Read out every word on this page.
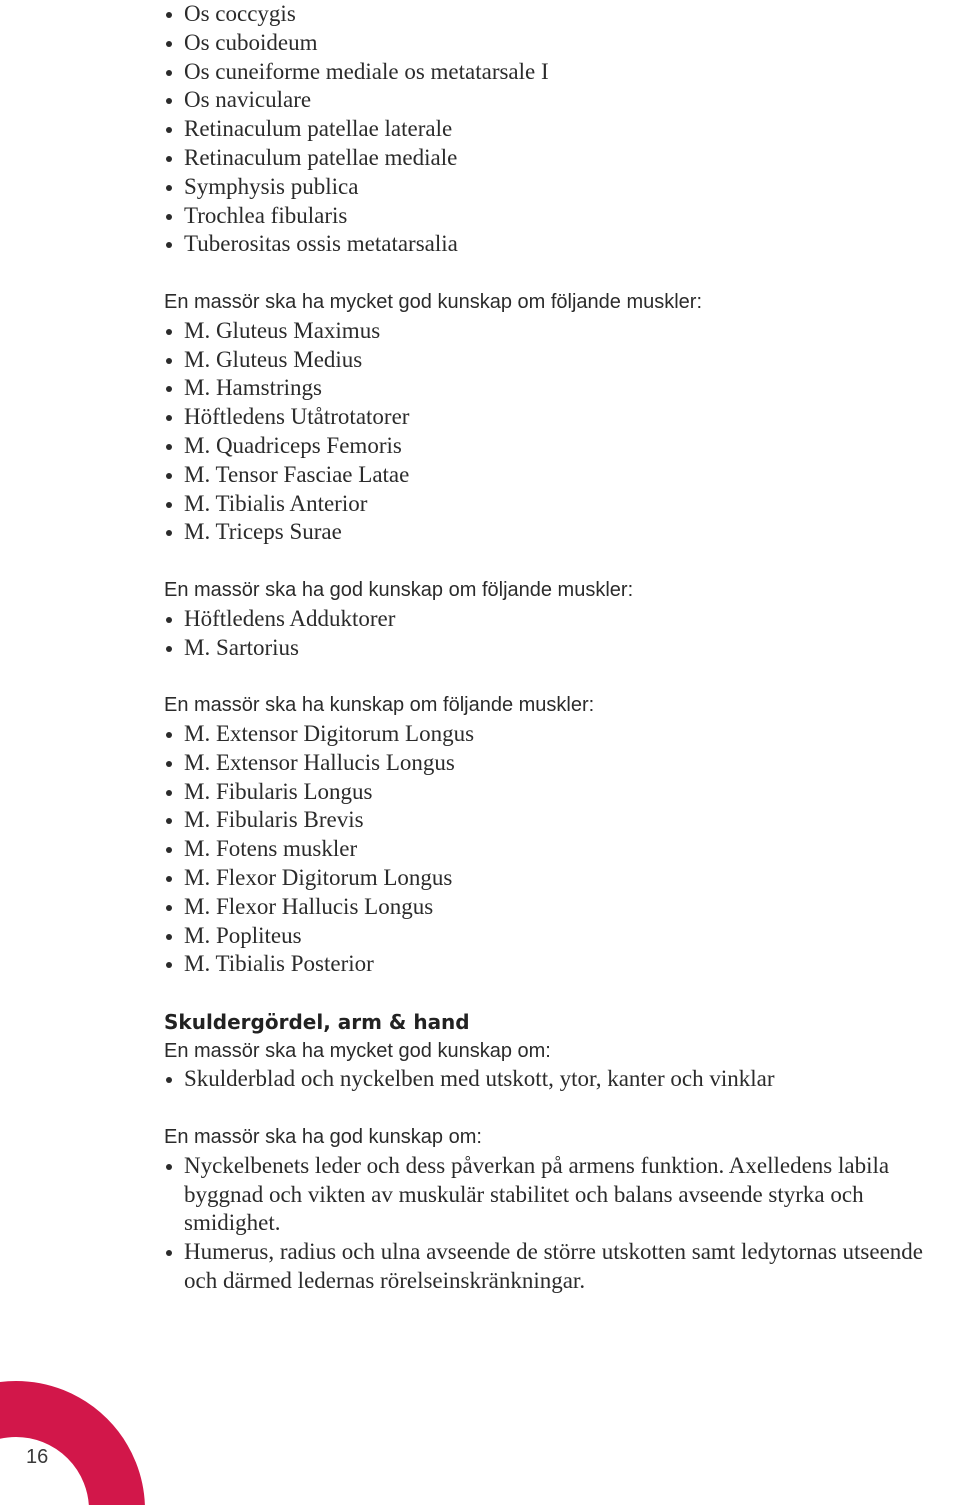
Os coccygis
Os cuboideum
Os cuneiforme mediale os metatarsale I
Os naviculare
Retinaculum patellae laterale
Retinaculum patellae mediale
Symphysis publica
Trochlea fibularis
Tuberositas ossis metatarsalia

En massör ska ha mycket god kunskap om följande muskler:

M. Gluteus Maximus
M. Gluteus Medius
M. Hamstrings
Höftledens Utåtrotatorer
M. Quadriceps Femoris
M. Tensor Fasciae Latae
M. Tibialis Anterior
M. Triceps Surae

En massör ska ha god kunskap om följande muskler:

Höftledens Adduktorer
M. Sartorius

En massör ska ha kunskap om följande muskler:

M. Extensor Digitorum Longus
M. Extensor Hallucis Longus
M. Fibularis Longus
M. Fibularis Brevis
M. Fotens muskler
M. Flexor Digitorum Longus
M. Flexor Hallucis Longus
M. Popliteus
M. Tibialis Posterior

Skuldergördel, arm & hand

En massör ska ha mycket god kunskap om:

Skulderblad och nyckelben med utskott, ytor, kanter och vinklar

En massör ska ha god kunskap om:

Nyckelbenets leder och dess påverkan på armens funktion. Axelledens labila byggnad och vikten av muskulär stabilitet och balans avseende styrka och smidighet.
Humerus, radius och ulna avseende de större utskotten samt ledytornas utseende och därmed ledernas rörelseinskränkningar.
16
